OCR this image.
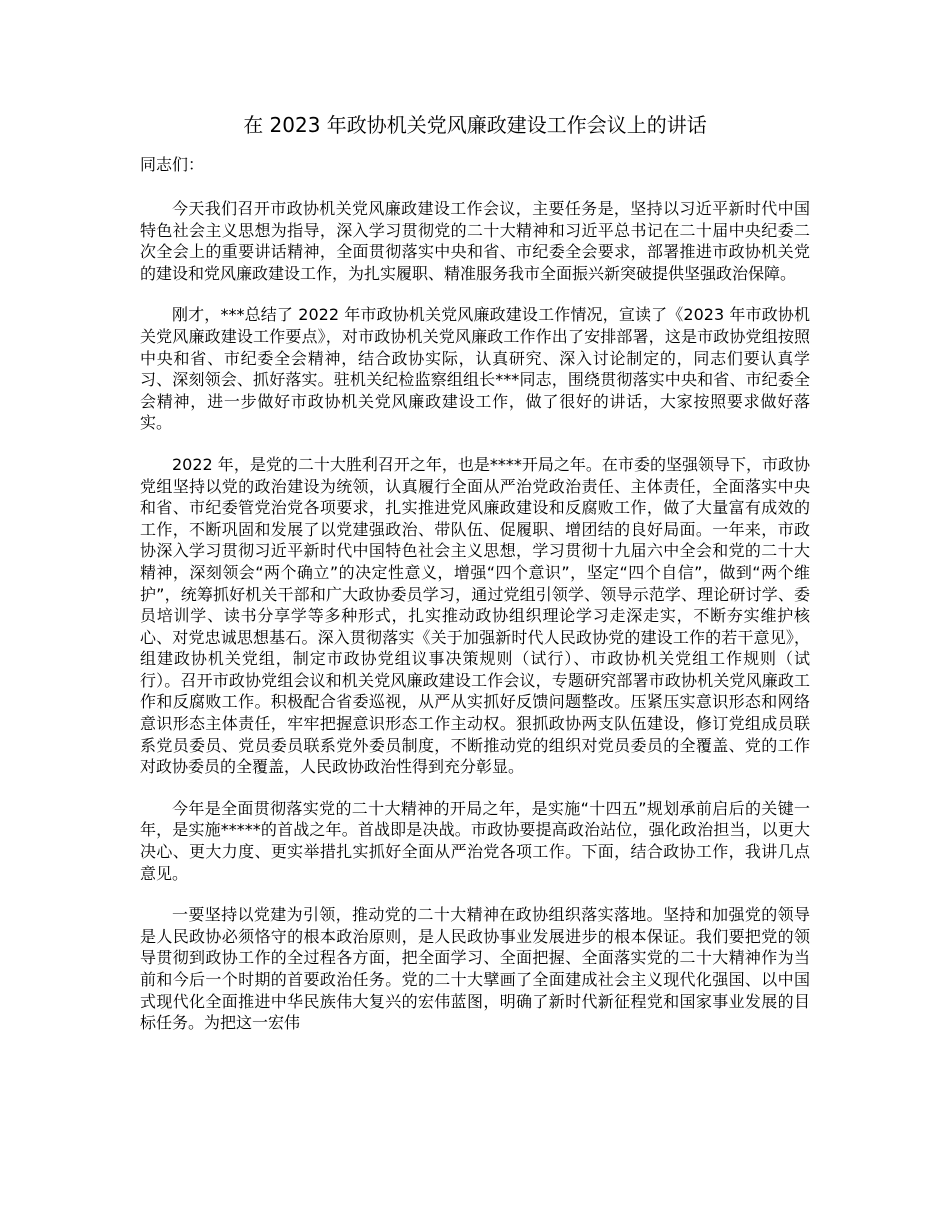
在 2023 年政协机关党风廉政建设工作会议上的讲话

同志们：

今天我们召开市政协机关党风廉政建设工作会议，主要任务是，坚持以习近平新时代中国特色社会主义思想为指导，深入学习贯彻党的二十大精神和习近平总书记在二十届中央纪委二次全会上的重要讲话精神，全面贯彻落实中央和省、市纪委全会要求，部署推进市政协机关党的建设和党风廉政建设工作，为扎实履职、精准服务我市全面振兴新突破提供坚强政治保障。

刚才，***总结了 2022 年市政协机关党风廉政建设工作情况，宣读了《2023 年市政协机关党风廉政建设工作要点》，对市政协机关党风廉政工作作出了安排部署，这是市政协党组按照中央和省、市纪委全会精神，结合政协实际，认真研究、深入讨论制定的，同志们要认真学习、深刻领会、抓好落实。驻机关纪检监察组组长***同志，围绕贯彻落实中央和省、市纪委全会精神，进一步做好市政协机关党风廉政建设工作，做了很好的讲话，大家按照要求做好落实。

2022 年，是党的二十大胜利召开之年，也是****开局之年。在市委的坚强领导下，市政协党组坚持以党的政治建设为统领，认真履行全面从严治党政治责任、主体责任，全面落实中央和省、市纪委管党治党各项要求，扎实推进党风廉政建设和反腐败工作，做了大量富有成效的工作，不断巩固和发展了以党建强政治、带队伍、促履职、增团结的良好局面。一年来，市政协深入学习贯彻习近平新时代中国特色社会主义思想，学习贯彻十九届六中全会和党的二十大精神，深刻领会“两个确立”的决定性意义，增强“四个意识”，坚定“四个自信”，做到“两个维护”，统筹抓好机关干部和广大政协委员学习，通过党组引领学、领导示范学、理论研讨学、委员培训学、读书分享学等多种形式，扎实推动政协组织理论学习走深走实，不断夯实维护核心、对党忠诚思想基石。深入贯彻落实《关于加强新时代人民政协党的建设工作的若干意见》，组建政协机关党组，制定市政协党组议事决策规则（试行）、市政协机关党组工作规则（试行）。召开市政协党组会议和机关党风廉政建设工作会议，专题研究部署市政协机关党风廉政工作和反腐败工作。积极配合省委巡视，从严从实抓好反馈问题整改。压紧压实意识形态和网络意识形态主体责任，牢牢把握意识形态工作主动权。狠抓政协两支队伍建设，修订党组成员联系党员委员、党员委员联系党外委员制度，不断推动党的组织对党员委员的全覆盖、党的工作对政协委员的全覆盖，人民政协政治性得到充分彰显。

今年是全面贯彻落实党的二十大精神的开局之年，是实施“十四五”规划承前启后的关键一年，是实施*****的首战之年。首战即是决战。市政协要提高政治站位，强化政治担当，以更大决心、更大力度、更实举措扎实抓好全面从严治党各项工作。下面，结合政协工作，我讲几点意见。

一要坚持以党建为引领，推动党的二十大精神在政协组织落实落地。坚持和加强党的领导是人民政协必须恪守的根本政治原则，是人民政协事业发展进步的根本保证。我们要把党的领导贯彻到政协工作的全过程各方面，把全面学习、全面把握、全面落实党的二十大精神作为当前和今后一个时期的首要政治任务。党的二十大擘画了全面建成社会主义现代化强国、以中国式现代化全面推进中华民族伟大复兴的宏伟蓝图，明确了新时代新征程党和国家事业发展的目标任务。为把这一宏伟
